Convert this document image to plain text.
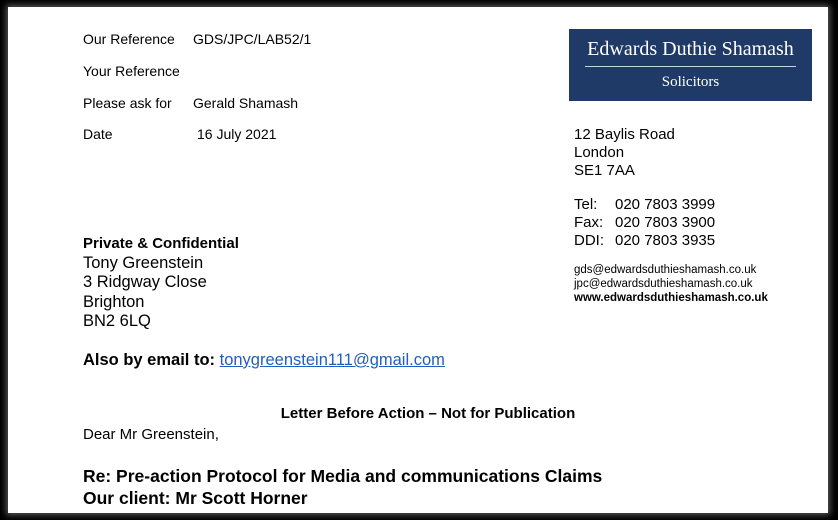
Our Reference GDS/JPC/LAB52/1
Your Reference
Please ask for Gerald Shamash
Date	16 July 2021
Edwards Duthie Shamash
Solicitors
12 Baylis Road
London
SE1 7AA
Tel: 020 7803 3999
Fax: 020 7803 3900
DDI: 020 7803 3935
gds@edwardsduthieshamash.co.uk
jpc@edwardsduthieshamash.co.uk
www.edwardsduthieshamash.co.uk
Private & Confidential
Tony Greenstein
3 Ridgway Close
Brighton
BN2 6LQ
Also by email to: tonygreenstein111@gmail.com
Letter Before Action – Not for Publication
Dear Mr Greenstein,
Re: Pre-action Protocol for Media and communications Claims
Our client: Mr Scott Horner
